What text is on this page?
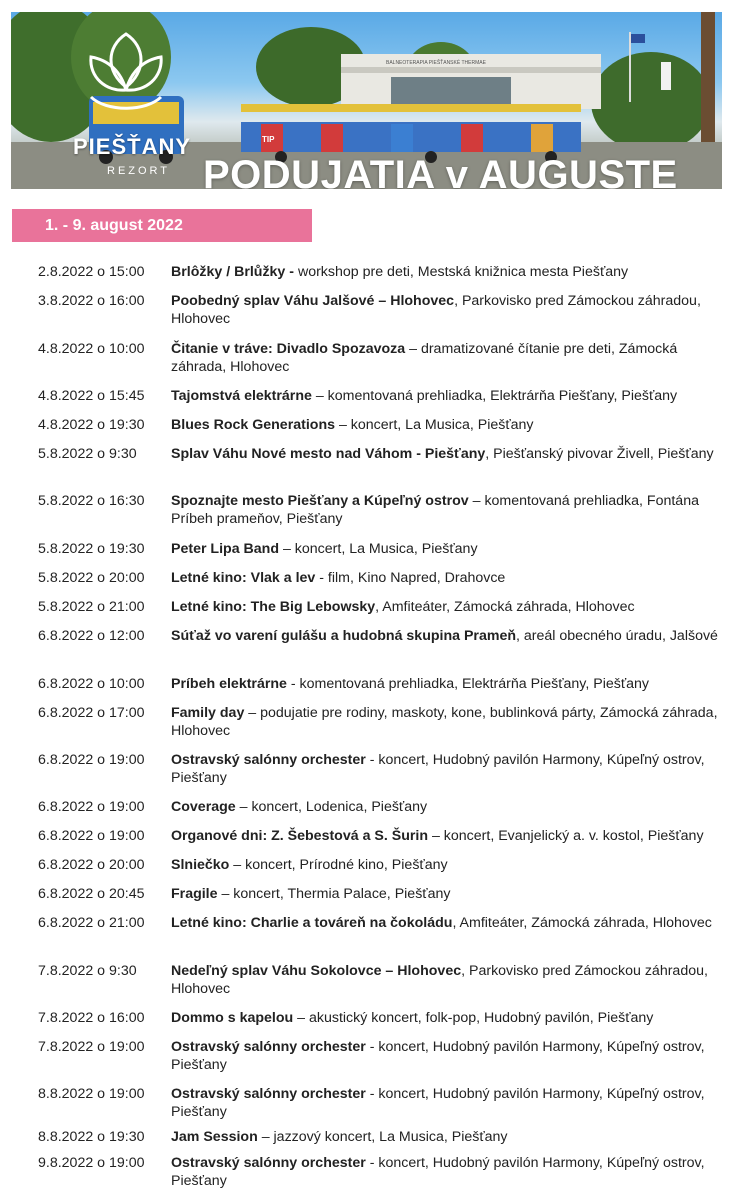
BALNEOTERAPIA PIEŠŤANSKÉ THERMAE
TIP
PIEŠŤANY
REZORT PODUJATIA v AUGUSTE
1. - 9. august 2022
2.8.2022 o 15:00	Brlôžky / Brlůžky - workshop pre deti, Mestská knižnica mesta Piešťany
3.8.2022 o 16:00	Poobedný splav Váhu Jalšové – Hlohovec, Parkovisko pred Zámockou záhradou, Hlohovec
4.8.2022 o 10:00	Čitanie v tráve: Divadlo Spozavoza – dramatizované čítanie pre deti, Zámocká záhrada, Hlohovec
4.8.2022 o 15:45	Tajomstvá elektrárne – komentovaná prehliadka, Elektrárňa Piešťany, Piešťany
4.8.2022 o 19:30	Blues Rock Generations – koncert, La Musica, Piešťany
5.8.2022 o 9:30	Splav Váhu Nové mesto nad Váhom - Piešťany, Piešťanský pivovar Živell, Piešťany
5.8.2022 o 16:30	Spoznajte mesto Piešťany a Kúpeľný ostrov – komentovaná prehliadka, Fontána Príbeh prameňov, Piešťany
5.8.2022 o 19:30	Peter Lipa Band – koncert, La Musica, Piešťany
5.8.2022 o 20:00	Letné kino: Vlak a lev - film, Kino Napred, Drahovce
5.8.2022 o 21:00	Letné kino: The Big Lebowsky, Amfiteáter, Zámocká záhrada, Hlohovec
6.8.2022 o 12:00	Súťaž vo varení gulášu a hudobná skupina Prameň, areál obecného úradu, Jalšové
6.8.2022 o 10:00	Príbeh elektrárne - komentovaná prehliadka, Elektrárňa Piešťany, Piešťany
6.8.2022 o 17:00	Family day – podujatie pre rodiny, maskoty, kone, bublinková párty, Zámocká záhrada, Hlohovec
6.8.2022 o 19:00	Ostravský salónny orchester - koncert, Hudobný pavilón Harmony, Kúpeľný ostrov, Piešťany
6.8.2022 o 19:00	Coverage – koncert, Lodenica, Piešťany
6.8.2022 o 19:00	Organové dni: Z. Šebestová a S. Šurin – koncert, Evanjelický a. v. kostol, Piešťany
6.8.2022 o 20:00	Slniečko – koncert, Prírodné kino, Piešťany
6.8.2022 o 20:45	Fragile – koncert, Thermia Palace, Piešťany
6.8.2022 o 21:00	Letné kino: Charlie a továreň na čokoládu, Amfiteáter, Zámocká záhrada, Hlohovec
7.8.2022 o 9:30	Nedeľný splav Váhu Sokolovce – Hlohovec, Parkovisko pred Zámockou záhradou, Hlohovec
7.8.2022 o 16:00	Dommo s kapelou – akustický koncert, folk-pop, Hudobný pavilón, Piešťany
7.8.2022 o 19:00	Ostravský salónny orchester - koncert, Hudobný pavilón Harmony, Kúpeľný ostrov, Piešťany
8.8.2022 o 19:00	Ostravský salónny orchester - koncert, Hudobný pavilón Harmony, Kúpeľný ostrov, Piešťany
8.8.2022 o 19:30	Jam Session – jazzový koncert, La Musica, Piešťany
9.8.2022 o 19:00	Ostravský salónny orchester - koncert, Hudobný pavilón Harmony, Kúpeľný ostrov, Piešťany
